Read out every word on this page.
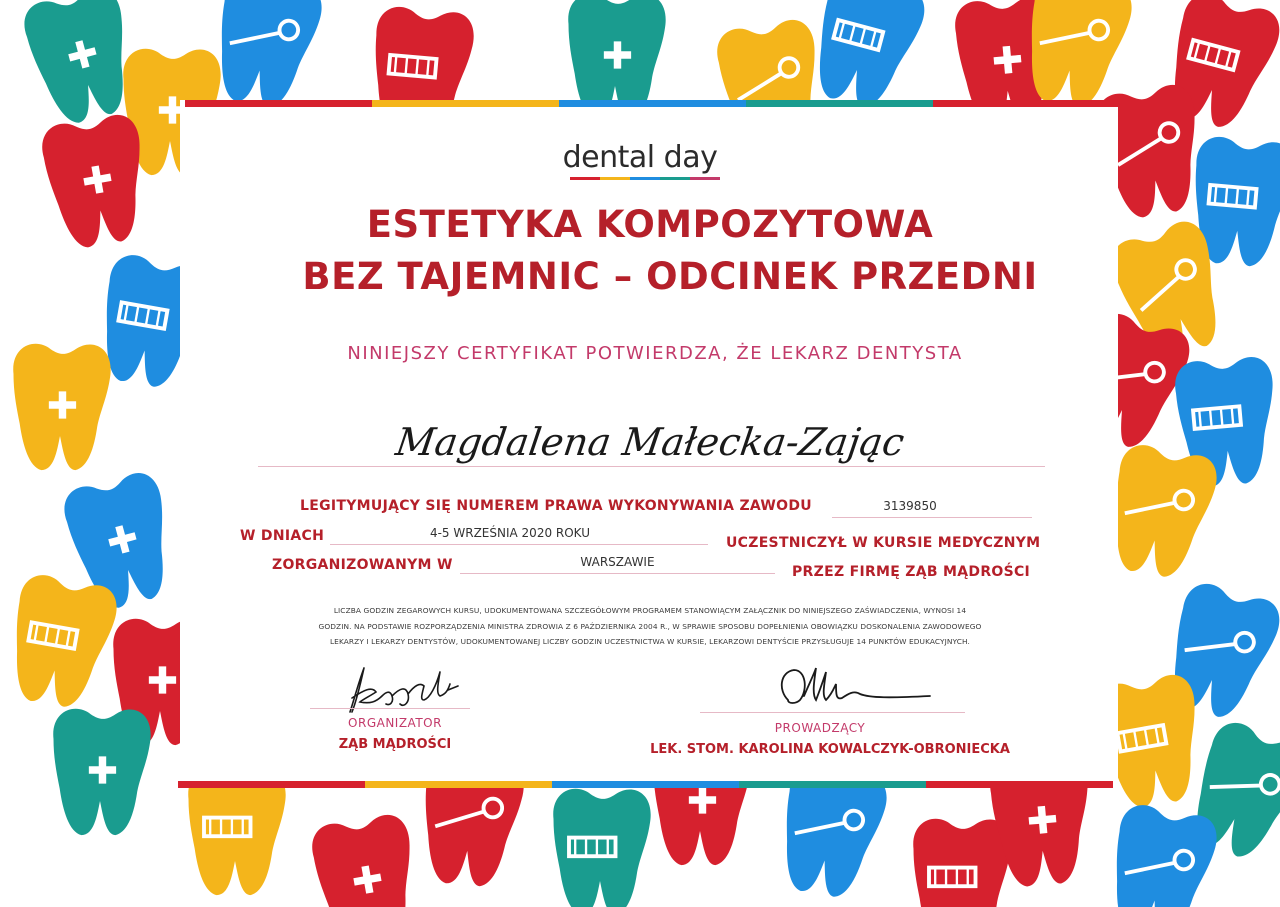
dental day
ESTETYKA KOMPOZYTOWA
BEZ TAJEMNIC – ODCINEK PRZEDNI
NINIEJSZY CERTYFIKAT POTWIERDZA, ŻE LEKARZ DENTYSTA
Magdalena Małecka-Zając
LEGITYMUJĄCY SIĘ NUMEREM PRAWA WYKONYWANIA ZAWODU	3139850
W DNIACH	4-5 WRZEŚNIA 2020 ROKU
UCZESTNICZYŁ W KURSIE MEDYCZNYM
ZORGANIZOWANYM W	WARSZAWIE
PRZEZ FIRMĘ ZĄB MĄDROŚCI
LICZBA GODZIN ZEGAROWYCH KURSU, UDOKUMENTOWANA SZCZEGÓŁOWYM PROGRAMEM STANOWIĄCYM ZAŁĄCZNIK DO NINIEJSZEGO ZAŚWIADCZENIA, WYNOSI 14
GODZIN. NA PODSTAWIE ROZPORZĄDZENIA MINISTRA ZDROWIA Z 6 PAŹDZIERNIKA 2004 R., W SPRAWIE SPOSOBU DOPEŁNIENIA OBOWIĄZKU DOSKONALENIA ZAWODOWEGO
LEKARZY I LEKARZY DENTYSTÓW, UDOKUMENTOWANEJ LICZBY GODZIN UCZESTNICTWA W KURSIE, LEKARZOWI DENTYŚCIE PRZYSŁUGUJE 14 PUNKTÓW EDUKACYJNYCH.
ORGANIZATOR
ZĄB MĄDROŚCI
PROWADZĄCY
LEK. STOM. KAROLINA KOWALCZYK-OBRONIECKA
